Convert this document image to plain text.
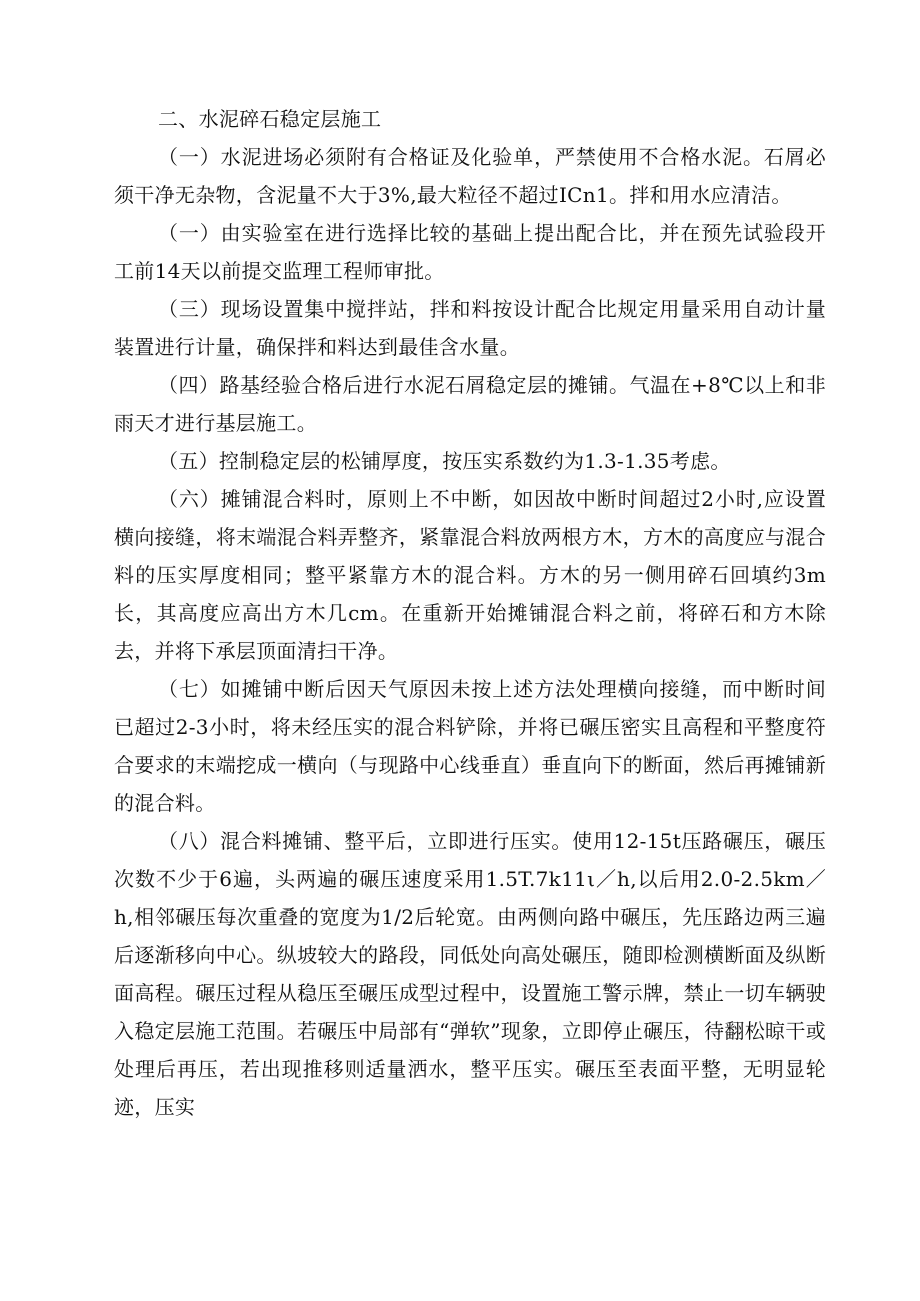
二、水泥碎石稳定层施工

（一）水泥进场必须附有合格证及化验单，严禁使用不合格水泥。石屑必须干净无杂物，含泥量不大于3%,最大粒径不超过ICn1。拌和用水应清洁。

（一）由实验室在进行选择比较的基础上提出配合比，并在预先试验段开工前14天以前提交监理工程师审批。

（三）现场设置集中搅拌站，拌和料按设计配合比规定用量采用自动计量装置进行计量，确保拌和料达到最佳含水量。

（四）路基经验合格后进行水泥石屑稳定层的摊铺。气温在+8℃以上和非雨天才进行基层施工。

（五）控制稳定层的松铺厚度，按压实系数约为1.3-1.35考虑。

（六）摊铺混合料时，原则上不中断，如因故中断时间超过2小时,应设置横向接缝，将末端混合料弄整齐，紧靠混合料放两根方木，方木的高度应与混合料的压实厚度相同；整平紧靠方木的混合料。方木的另一侧用碎石回填约3m长，其高度应高出方木几cm。在重新开始摊铺混合料之前，将碎石和方木除去，并将下承层顶面清扫干净。

（七）如摊铺中断后因天气原因未按上述方法处理横向接缝，而中断时间已超过2-3小时，将未经压实的混合料铲除，并将已碾压密实且高程和平整度符合要求的末端挖成一横向（与现路中心线垂直）垂直向下的断面，然后再摊铺新的混合料。

（八）混合料摊铺、整平后，立即进行压实。使用12-15t压路碾压，碾压次数不少于6遍，头两遍的碾压速度采用1.5T.7k11ι／h,以后用2.0-2.5km／h,相邻碾压每次重叠的宽度为1/2后轮宽。由两侧向路中碾压，先压路边两三遍后逐渐移向中心。纵坡较大的路段，同低处向高处碾压，随即检测横断面及纵断面高程。碾压过程从稳压至碾压成型过程中，设置施工警示牌，禁止一切车辆驶入稳定层施工范围。若碾压中局部有“弹软”现象，立即停止碾压，待翻松晾干或处理后再压，若出现推移则适量洒水，整平压实。碾压至表面平整，无明显轮迹，压实
